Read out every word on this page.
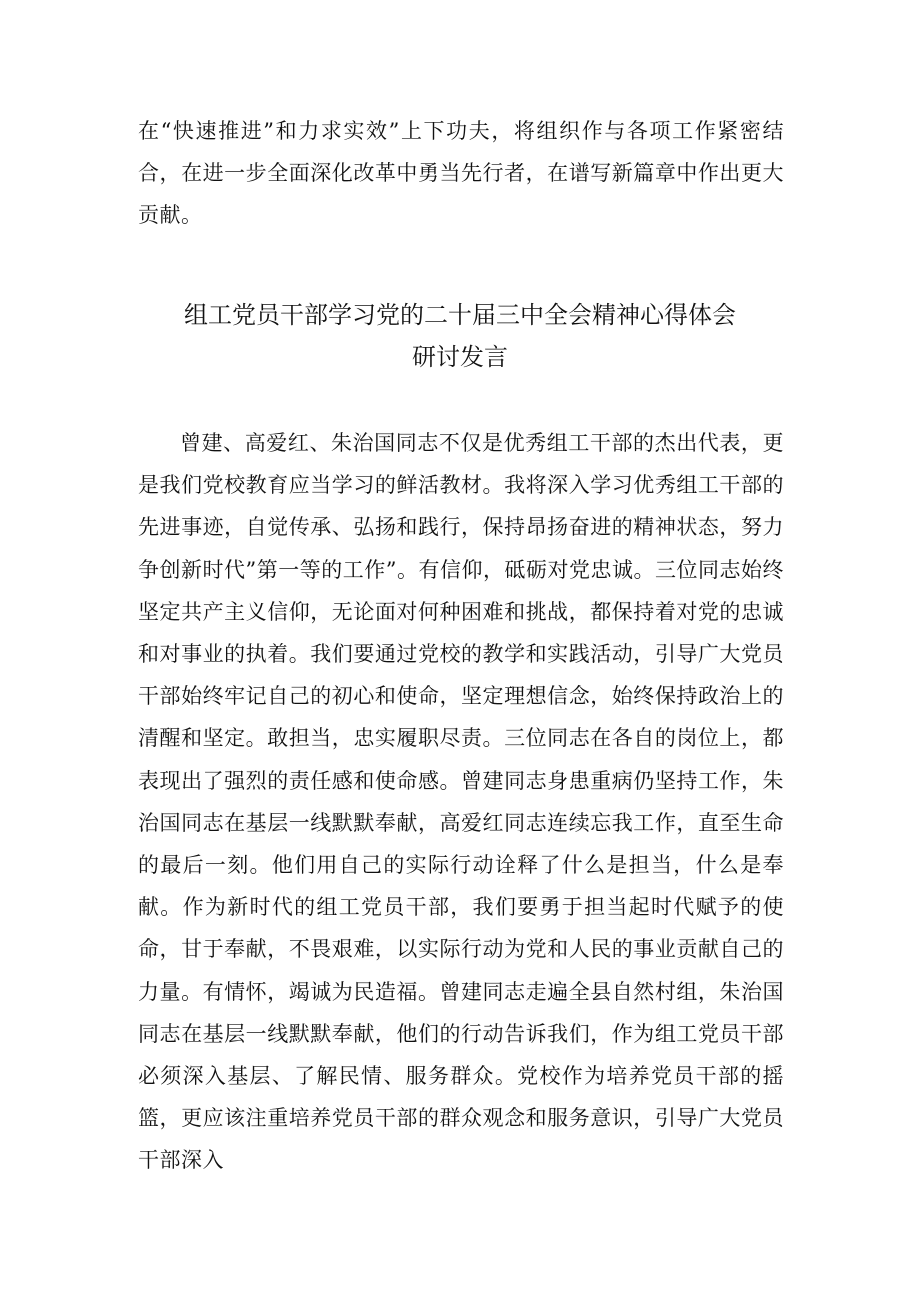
在“快速推进”和力求实效”上下功夫，将组织作与各项工作紧密结合，在进一步全面深化改革中勇当先行者，在谱写新篇章中作出更大贡献。

组工党员干部学习党的二十届三中全会精神心得体会
研讨发言

曾建、高爱红、朱治国同志不仅是优秀组工干部的杰出代表，更是我们党校教育应当学习的鲜活教材。我将深入学习优秀组工干部的先进事迹，自觉传承、弘扬和践行，保持昂扬奋进的精神状态，努力争创新时代”第一等的工作”。有信仰，砥砺对党忠诚。三位同志始终坚定共产主义信仰，无论面对何种困难和挑战，都保持着对党的忠诚和对事业的执着。我们要通过党校的教学和实践活动，引导广大党员干部始终牢记自己的初心和使命，坚定理想信念，始终保持政治上的清醒和坚定。敢担当，忠实履职尽责。三位同志在各自的岗位上，都表现出了强烈的责任感和使命感。曾建同志身患重病仍坚持工作，朱治国同志在基层一线默默奉献，高爱红同志连续忘我工作，直至生命的最后一刻。他们用自己的实际行动诠释了什么是担当，什么是奉献。作为新时代的组工党员干部，我们要勇于担当起时代赋予的使命，甘于奉献，不畏艰难，以实际行动为党和人民的事业贡献自己的力量。有情怀，竭诚为民造福。曾建同志走遍全县自然村组，朱治国同志在基层一线默默奉献，他们的行动告诉我们，作为组工党员干部必须深入基层、了解民情、服务群众。党校作为培养党员干部的摇篮，更应该注重培养党员干部的群众观念和服务意识，引导广大党员干部深入
